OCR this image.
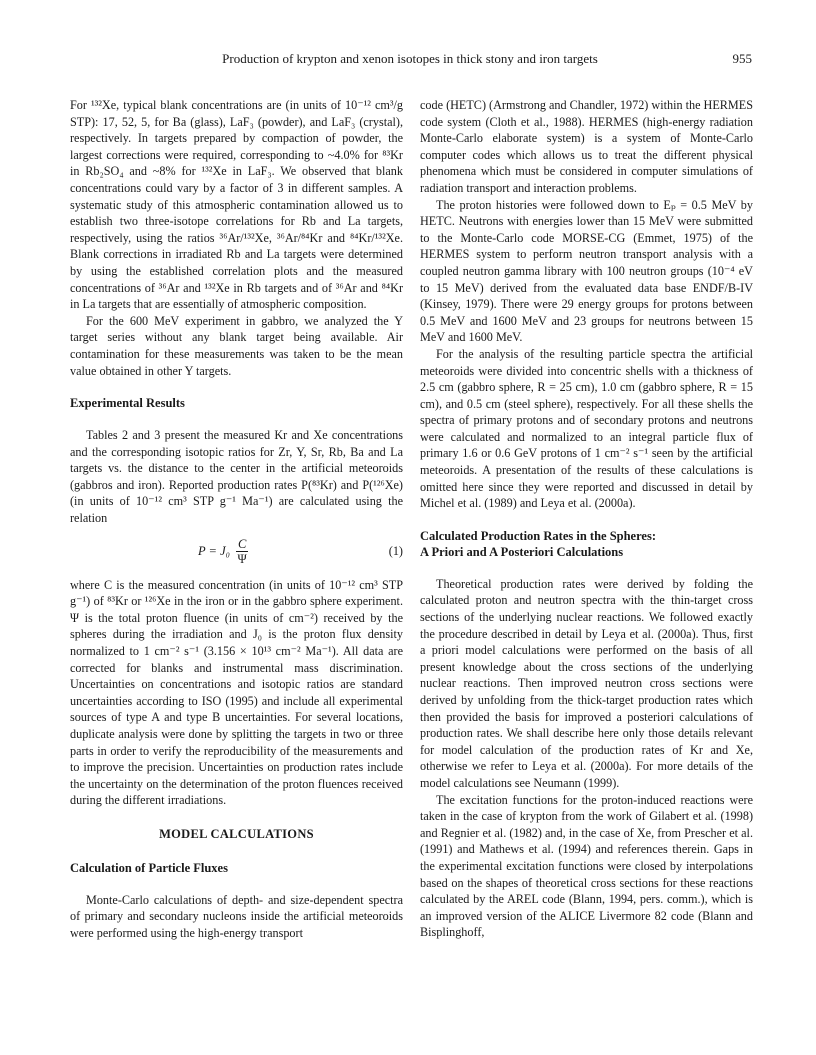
Production of krypton and xenon isotopes in thick stony and iron targets	955

For ¹³²Xe, typical blank concentrations are (in units of 10⁻¹² cm³/g STP): 17, 52, 5, for Ba (glass), LaF₃ (powder), and LaF₃ (crystal), respectively. In targets prepared by compaction of powder, the largest corrections were required, corresponding to ~4.0% for ⁸³Kr in Rb₂SO₄ and ~8% for ¹³²Xe in LaF₃. We observed that blank concentrations could vary by a factor of 3 in different samples. A systematic study of this atmospheric contamination allowed us to establish two three-isotope correlations for Rb and La targets, respectively, using the ratios ³⁶Ar/¹³²Xe, ³⁶Ar/⁸⁴Kr and ⁸⁴Kr/¹³²Xe. Blank corrections in irradiated Rb and La targets were determined by using the established correlation plots and the measured concentrations of ³⁶Ar and ¹³²Xe in Rb targets and of ³⁶Ar and ⁸⁴Kr in La targets that are essentially of atmospheric composition.

For the 600 MeV experiment in gabbro, we analyzed the Y target series without any blank target being available. Air contamination for these measurements was taken to be the mean value obtained in other Y targets.

Experimental Results

Tables 2 and 3 present the measured Kr and Xe concentrations and the corresponding isotopic ratios for Zr, Y, Sr, Rb, Ba and La targets vs. the distance to the center in the artificial meteoroids (gabbros and iron). Reported production rates P(⁸³Kr) and P(¹²⁶Xe) (in units of 10⁻¹² cm³ STP g⁻¹ Ma⁻¹) are calculated using the relation

$P = J_0 \frac{C}{\Psi}$	(1)

where C is the measured concentration (in units of 10⁻¹² cm³ STP g⁻¹) of ⁸³Kr or ¹²⁶Xe in the iron or in the gabbro sphere experiment. Ψ is the total proton fluence (in units of cm⁻²) received by the spheres during the irradiation and J₀ is the proton flux density normalized to 1 cm⁻² s⁻¹ (3.156 × 10¹³ cm⁻² Ma⁻¹). All data are corrected for blanks and instrumental mass discrimination. Uncertainties on concentrations and isotopic ratios are standard uncertainties according to ISO (1995) and include all experimental sources of type A and type B uncertainties. For several locations, duplicate analysis were done by splitting the targets in two or three parts in order to verify the reproducibility of the measurements and to improve the precision. Uncertainties on production rates include the uncertainty on the determination of the proton fluences received during the different irradiations.

MODEL CALCULATIONS
Calculation of Particle Fluxes

Monte-Carlo calculations of depth- and size-dependent spectra of primary and secondary nucleons inside the artificial meteoroids were performed using the high-energy transport

code (HETC) (Armstrong and Chandler, 1972) within the HERMES code system (Cloth et al., 1988). HERMES (high-energy radiation Monte-Carlo elaborate system) is a system of Monte-Carlo computer codes which allows us to treat the different physical phenomena which must be considered in computer simulations of radiation transport and interaction problems.

The proton histories were followed down to Eₚ = 0.5 MeV by HETC. Neutrons with energies lower than 15 MeV were submitted to the Monte-Carlo code MORSE-CG (Emmet, 1975) of the HERMES system to perform neutron transport analysis with a coupled neutron gamma library with 100 neutron groups (10⁻⁴ eV to 15 MeV) derived from the evaluated data base ENDF/B-IV (Kinsey, 1979). There were 29 energy groups for protons between 0.5 MeV and 1600 MeV and 23 groups for neutrons between 15 MeV and 1600 MeV.

For the analysis of the resulting particle spectra the artificial meteoroids were divided into concentric shells with a thickness of 2.5 cm (gabbro sphere, R = 25 cm), 1.0 cm (gabbro sphere, R = 15 cm), and 0.5 cm (steel sphere), respectively. For all these shells the spectra of primary protons and of secondary protons and neutrons were calculated and normalized to an integral particle flux of primary 1.6 or 0.6 GeV protons of 1 cm⁻² s⁻¹ seen by the artificial meteoroids. A presentation of the results of these calculations is omitted here since they were reported and discussed in detail by Michel et al. (1989) and Leya et al. (2000a).

Calculated Production Rates in the Spheres:
A Priori and A Posteriori Calculations

Theoretical production rates were derived by folding the calculated proton and neutron spectra with the thin-target cross sections of the underlying nuclear reactions. We followed exactly the procedure described in detail by Leya et al. (2000a). Thus, first a priori model calculations were performed on the basis of all present knowledge about the cross sections of the underlying nuclear reactions. Then improved neutron cross sections were derived by unfolding from the thick-target production rates which then provided the basis for improved a posteriori calculations of production rates. We shall describe here only those details relevant for model calculation of the production rates of Kr and Xe, otherwise we refer to Leya et al. (2000a). For more details of the model calculations see Neumann (1999).

The excitation functions for the proton-induced reactions were taken in the case of krypton from the work of Gilabert et al. (1998) and Regnier et al. (1982) and, in the case of Xe, from Prescher et al. (1991) and Mathews et al. (1994) and references therein. Gaps in the experimental excitation functions were closed by interpolations based on the shapes of theoretical cross sections for these reactions calculated by the AREL code (Blann, 1994, pers. comm.), which is an improved version of the ALICE Livermore 82 code (Blann and Bisplinghoff,
